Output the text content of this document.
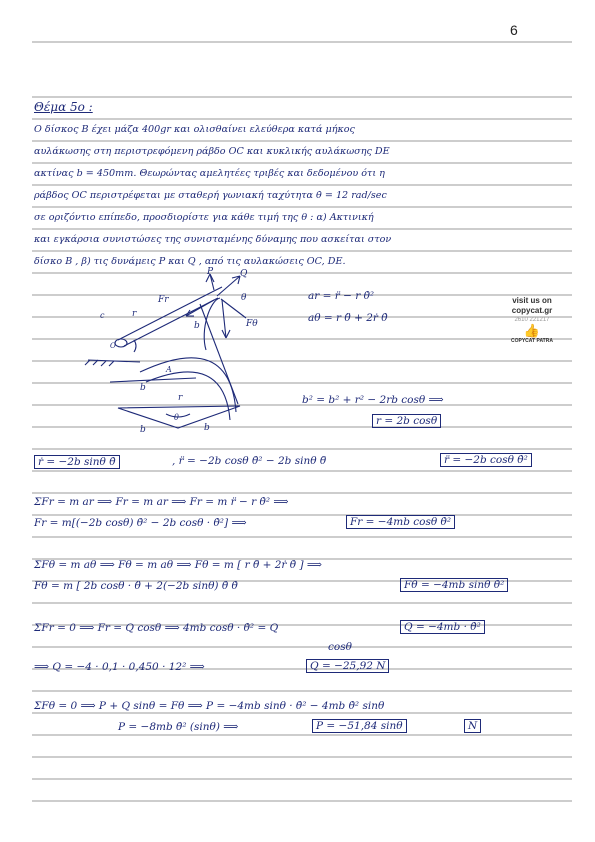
6
Θέμα 5ο :
Ο δίσκος B έχει μάζα 400gr και ολισθαίνει ελεύθερα κατά μήκος
αυλάκωσης στη περιστρεφόμενη ράβδο OC και κυκλικής αυλάκωσης DE
ακτίνας b = 450mm. Θεωρώντας αμελητέες τριβές και δεδομένου ότι η
ράβδος OC περιστρέφεται με σταθερή γωνιακή ταχύτητα θ̇ = 12 rad/sec
σε οριζόντιο επίπεδο, προσδιορίστε για κάθε τιμή της θ : α) Ακτινική
και εγκάρσια συνιστώσες της συνισταμένης δύναμης που ασκείται στον
δίσκο B , β) τις δυνάμεις P και Q , από τις αυλακώσεις OC, DE.
r
Fr
Fθ
Q
P
θ
b
A
c
O
b
r
b	b
θ
ar = r̈ − r θ̇²
aθ = r θ̈ + 2ṙ θ̇
visit us on
copycat.gr
2610 221217
👍
COPYCAT PATRA
b² = b² + r² − 2rb cosθ ⟹
r = 2b cosθ
ṙ = −2b sinθ θ̇	, r̈ = −2b cosθ θ̇² − 2b sinθ θ̈	r̈ = −2b cosθ θ̇²
ΣFr = m ar ⟹ Fr = m ar ⟹ Fr = m r̈ − r θ̇² ⟹
Fr = m[(−2b cosθ) θ̇² − 2b cosθ · θ̇²] ⟹	Fr = −4mb cosθ θ̇²
ΣFθ = m aθ ⟹ Fθ = m aθ ⟹ Fθ = m [ r θ̈ + 2ṙ θ̇ ] ⟹
Fθ = m [ 2b cosθ · θ̈ + 2(−2b sinθ) θ̇ θ̇	Fθ = −4mb sinθ θ̇²
ΣFr = 0 ⟹ Fr = Q cosθ ⟹ 4mb cosθ · θ̇² = Q
cosθ
Q = −4mb · θ̇²
⟹ Q = −4 · 0,1 · 0,450 · 12² ⟹	Q = −25,92 N
ΣFθ = 0 ⟹ P + Q sinθ = Fθ ⟹ P = −4mb sinθ · θ̇² − 4mb θ̇² sinθ
P = −8mb θ̇² (sinθ) ⟹	P = −51,84 sinθ	N
